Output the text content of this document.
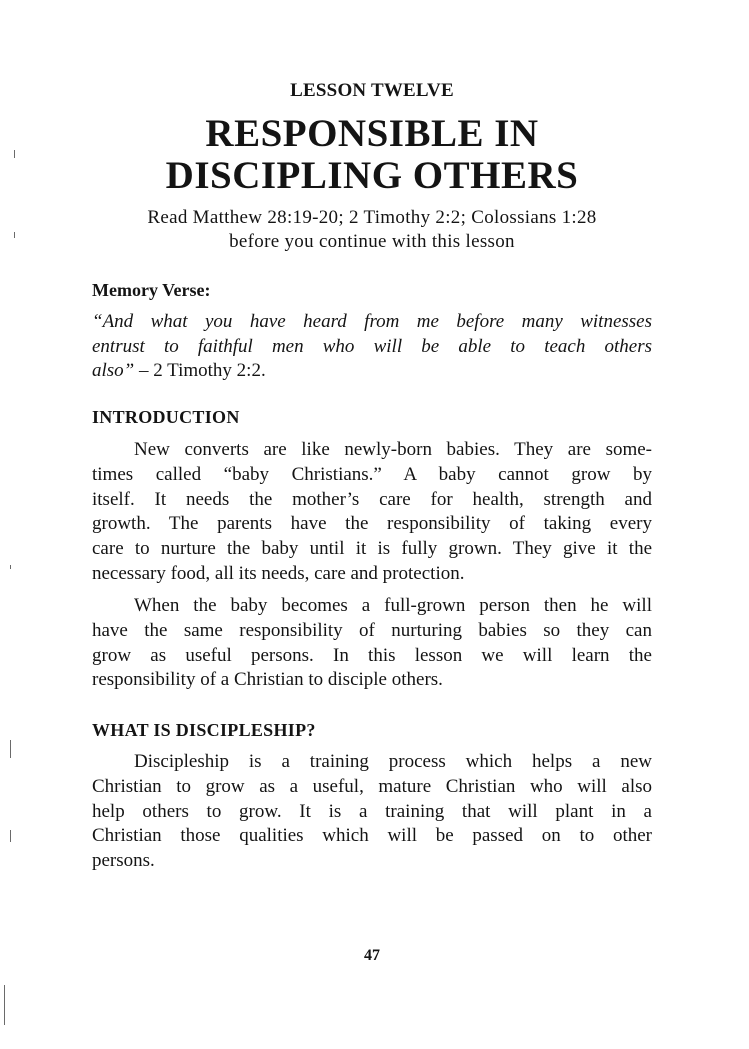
LESSON TWELVE
RESPONSIBLE IN
DISCIPLING OTHERS
Read Matthew 28:19-20; 2 Timothy 2:2; Colossians 1:28
before you continue with this lesson
Memory Verse:
“And what you have heard from me before many witnesses
entrust to faithful men who will be able to teach others
also” – 2 Timothy 2:2.
INTRODUCTION
New converts are like newly-born babies. They are some-
times called “baby Christians.” A baby cannot grow by
itself. It needs the mother’s care for health, strength and
growth. The parents have the responsibility of taking every
care to nurture the baby until it is fully grown. They give it the
necessary food, all its needs, care and protection.
When the baby becomes a full-grown person then he will
have the same responsibility of nurturing babies so they can
grow as useful persons. In this lesson we will learn the
responsibility of a Christian to disciple others.
WHAT IS DISCIPLESHIP?
Discipleship is a training process which helps a new
Christian to grow as a useful, mature Christian who will also
help others to grow. It is a training that will plant in a
Christian those qualities which will be passed on to other
persons.
47
